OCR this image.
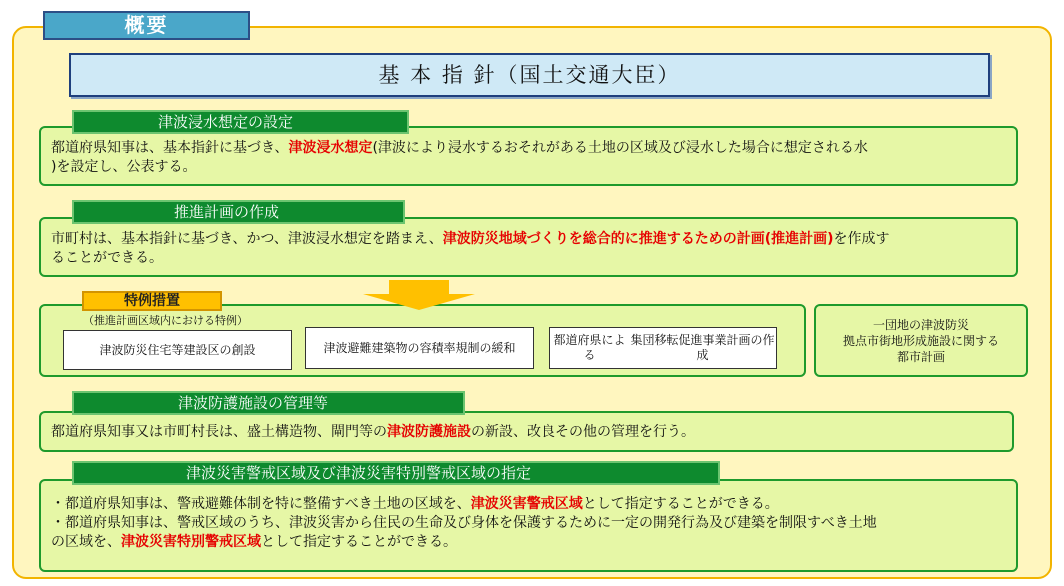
概要
基 本 指 針（国土交通大臣）
都道府県知事は、基本指針に基づき、津波浸水想定(津波により浸水するおそれがある土地の区域及び浸水した場合に想定される水
)を設定し、公表する。
津波浸水想定の設定
市町村は、基本指針に基づき、かつ、津波浸水想定を踏まえ、津波防災地域づくりを総合的に推進するための計画(推進計画)を作成す
ることができる。
推進計画の作成
（推進計画区域内における特例）
津波防災住宅等建設区の創設	津波避難建築物の 容積率規制の緩和
都道府県による

集団移転促進事業計画の作成
特例措置
一団地の津波防災
拠点市街地形成施設に関する
都市計画
都道府県知事又は市町村長は、盛土構造物、閘門等の津波防護施設の新設、改良その他の管理を行う。
津波防護施設の管理等
・都道府県知事は、警戒避難体制を特に整備すべき土地の区域を、津波災害警戒区域として指定することができる。
・都道府県知事は、警戒区域のうち、津波災害から住民の生命及び身体を保護するために一定の開発行為及び建築を制限すべき土地
の区域を、津波災害特別警戒区域として指定することができる。
津波災害警戒区域及び津波災害特別警戒区域の指定
